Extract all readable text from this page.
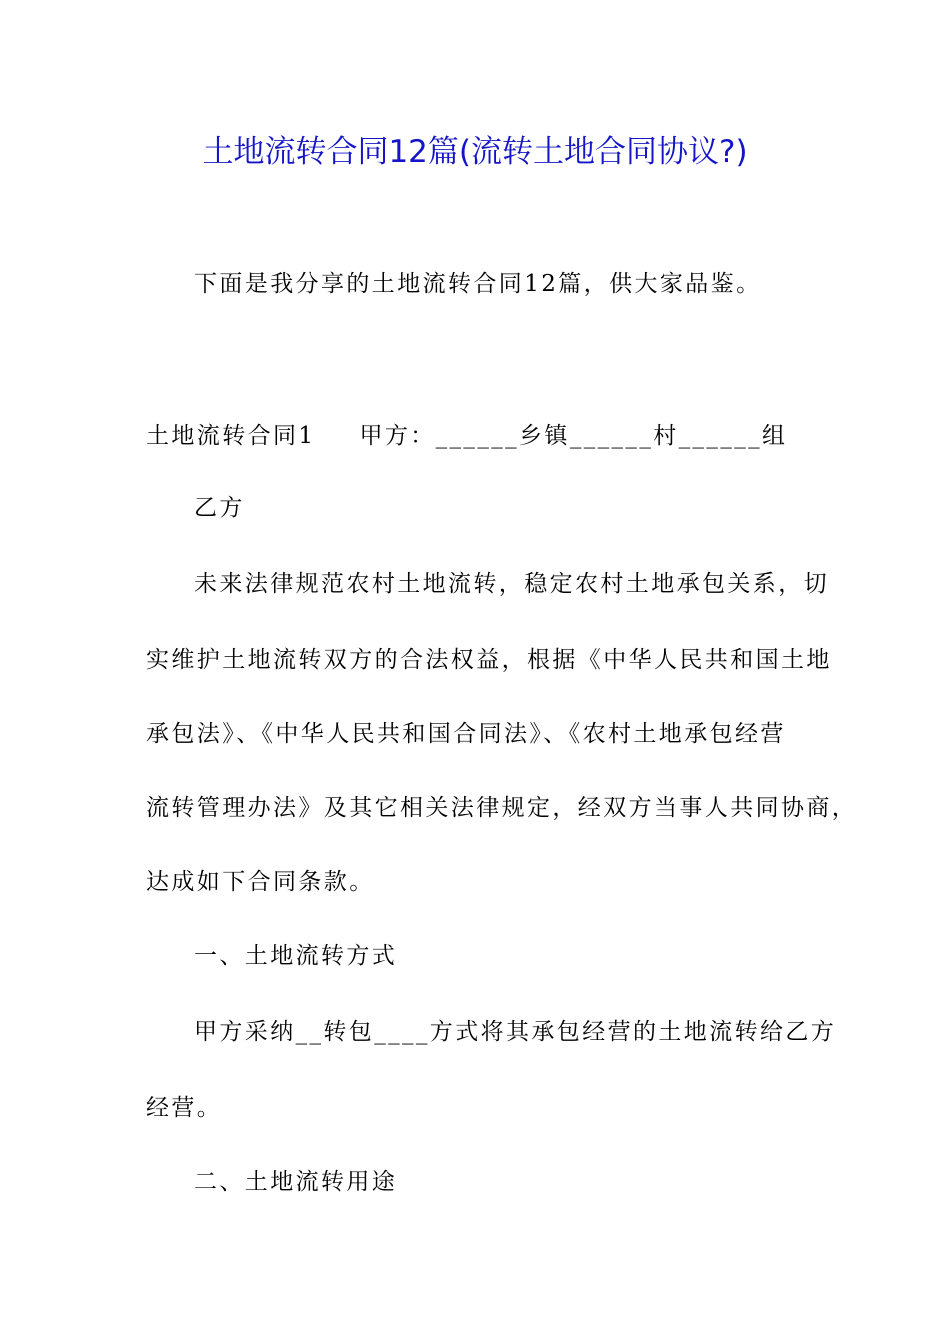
土地流转合同12篇(流转土地合同协议?)
下面是我分享的土地流转合同12篇，供大家品鉴。
土地流转合同1 甲方：______乡镇______村______组
乙方
未来法律规范农村土地流转，稳定农村土地承包关系，切
实维护土地流转双方的合法权益，根据《中华人民共和国土地
承包法》、《中华人民共和国合同法》、《农村土地承包经营
流转管理办法》及其它相关法律规定，经双方当事人共同协商，
达成如下合同条款。
一、土地流转方式
甲方采纳__转包____方式将其承包经营的土地流转给乙方
经营。
二、土地流转用途
